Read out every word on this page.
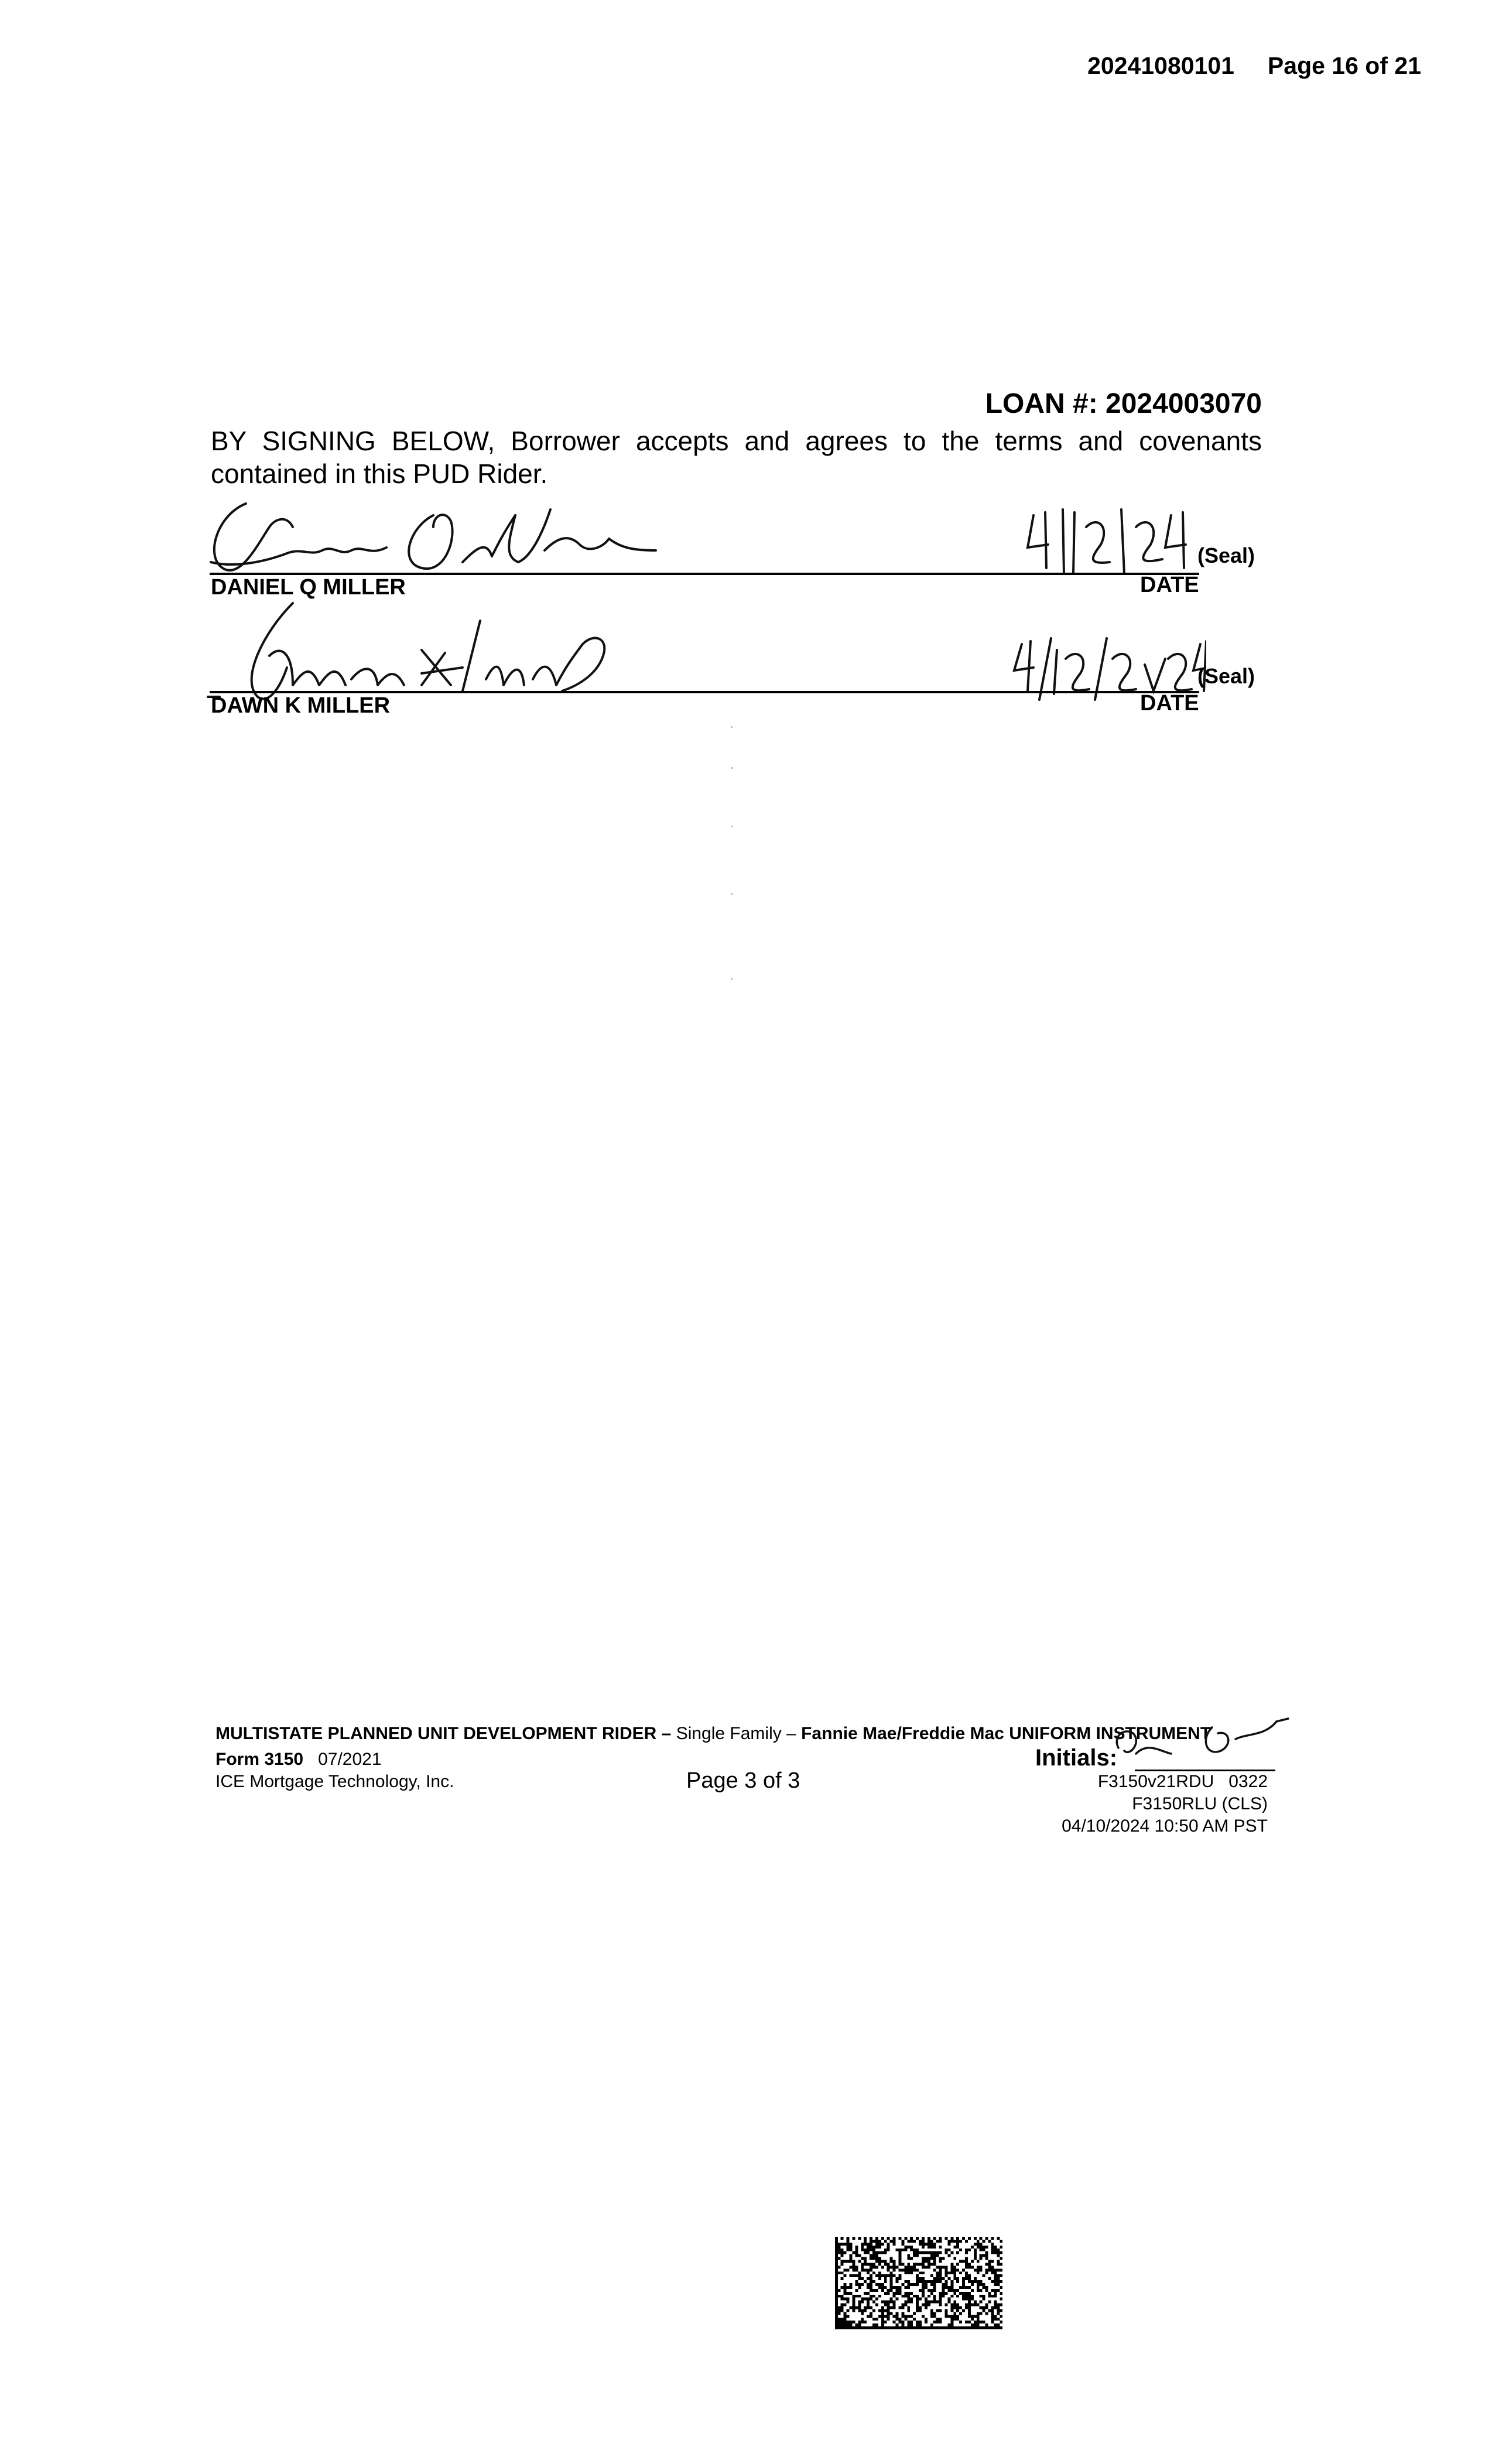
20241080101 Page 16 of 21

LOAN #: 2024003070
BY SIGNING BELOW, Borrower accepts and agrees to the terms and covenants contained in this PUD Rider.
(Seal)
DANIEL Q MILLER	DATE
(Seal)
DAWN K MILLER	DATE
MULTISTATE PLANNED UNIT DEVELOPMENT RIDER – Single Family – Fannie Mae/Freddie Mac UNIFORM INSTRUMENT
Form 3150 07/2021
ICE Mortgage Technology, Inc.	Page 3 of 3
Initials:
F3150v21RDU   0322
F3150RLU (CLS)
04/10/2024 10:50 AM PST
